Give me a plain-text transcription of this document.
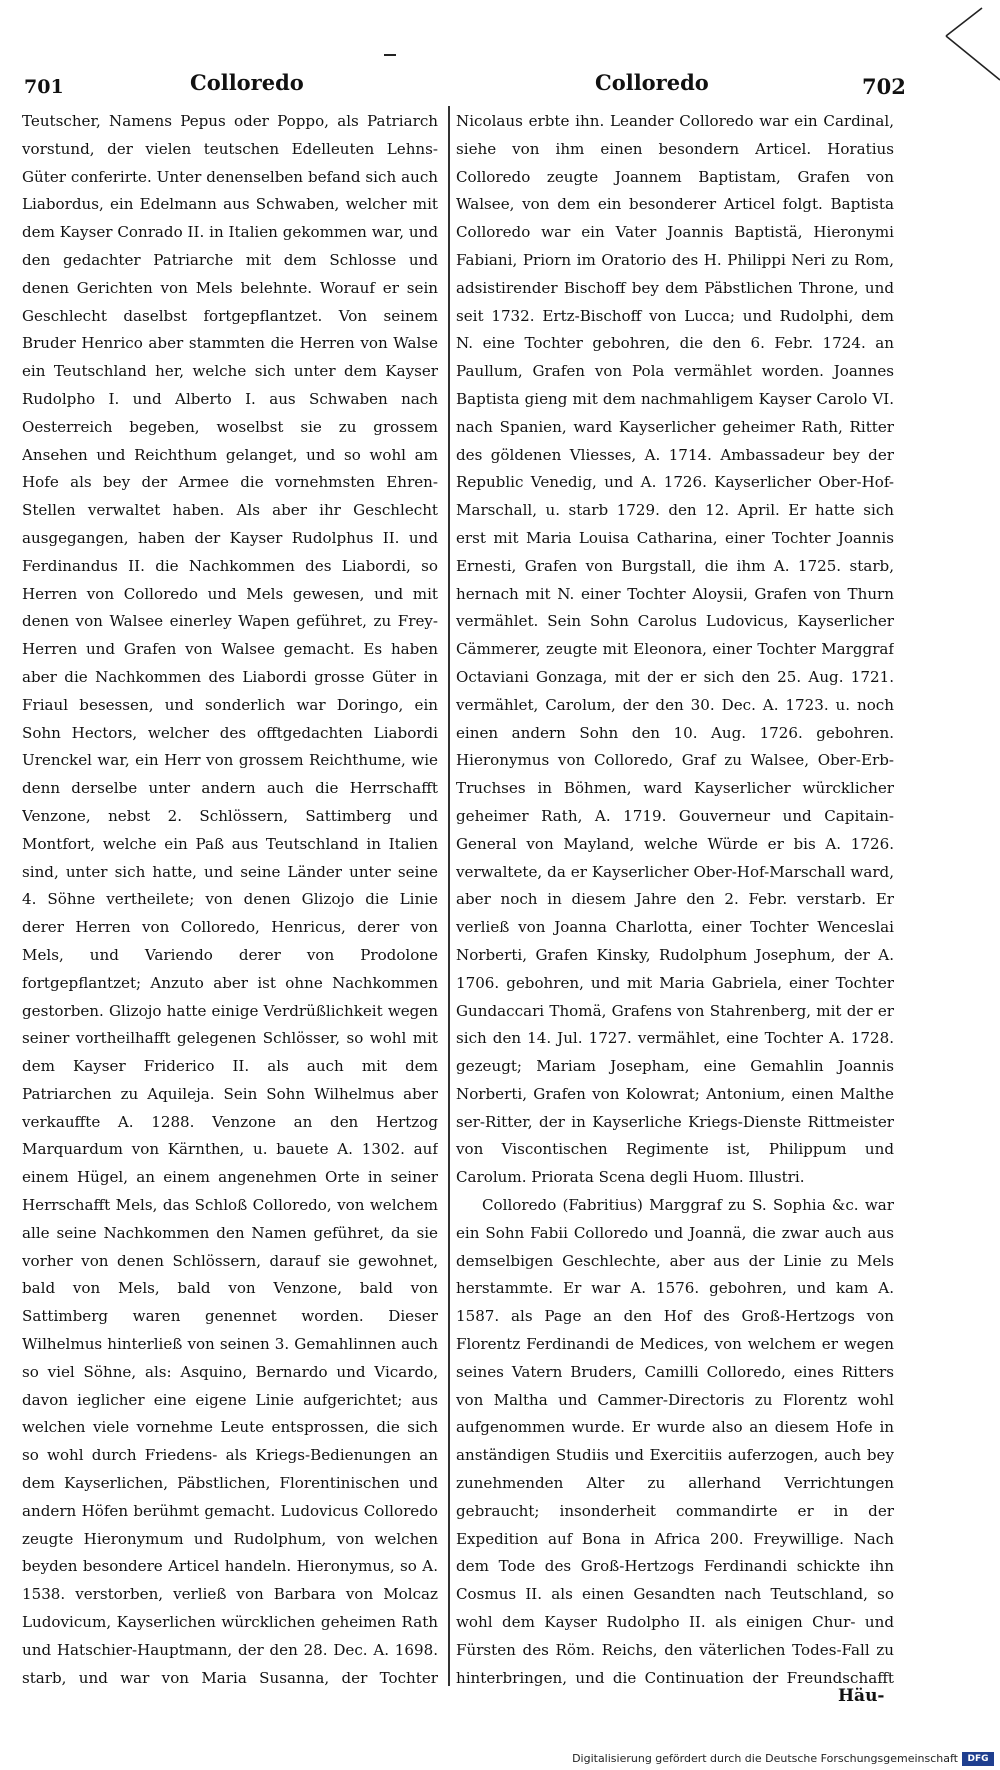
701	Colloredo	Colloredo	702

Teutscher, Namens Pepus oder Poppo, als Patriarch vorstund, der vielen teutschen Edelleuten Lehns-Güter conferirte. Unter denenselben befand sich auch Liabordus, ein Edelmann aus Schwaben, welcher mit dem Kayser Conrado II. in Italien gekommen war, und den gedachter Patriarche mit dem Schlosse und denen Gerichten von Mels belehnte. Worauf er sein Geschlecht daselbst fortgepflantzet. Von seinem Bruder Henrico aber stammten die Herren von Walse ein Teutschland her, welche sich unter dem Kayser Rudolpho I. und Alberto I. aus Schwaben nach Oesterreich begeben, woselbst sie zu grossem Ansehen und Reichthum gelanget, und so wohl am Hofe als bey der Armee die vornehmsten Ehren-Stellen verwaltet haben. Als aber ihr Geschlecht ausgegangen, haben der Kayser Rudolphus II. und Ferdinandus II. die Nachkommen des Liabordi, so Herren von Colloredo und Mels gewesen, und mit denen von Walsee einerley Wapen geführet, zu Frey-Herren und Grafen von Walsee gemacht. Es haben aber die Nachkommen des Liabordi grosse Güter in Friaul besessen, und sonderlich war Doringo, ein Sohn Hectors, welcher des offtgedachten Liabordi Urenckel war, ein Herr von grossem Reichthume, wie denn derselbe unter andern auch die Herrschafft Venzone, nebst 2. Schlössern, Sattimberg und Montfort, welche ein Paß aus Teutschland in Italien sind, unter sich hatte, und seine Länder unter seine 4. Söhne vertheilete; von denen Glizojo die Linie derer Herren von Colloredo, Henricus, derer von Mels, und Variendo derer von Prodolone fortgepflantzet; Anzuto aber ist ohne Nachkommen gestorben. Glizojo hatte einige Verdrüßlichkeit wegen seiner vortheilhafft gelegenen Schlösser, so wohl mit dem Kayser Friderico II. als auch mit dem Patriarchen zu Aquileja. Sein Sohn Wilhelmus aber verkauffte A. 1288. Venzone an den Hertzog Marquardum von Kärnthen, u. bauete A. 1302. auf einem Hügel, an einem angenehmen Orte in seiner Herrschafft Mels, das Schloß Colloredo, von welchem alle seine Nachkommen den Namen geführet, da sie vorher von denen Schlössern, darauf sie gewohnet, bald von Mels, bald von Venzone, bald von Sattimberg waren genennet worden. Dieser Wilhelmus hinterließ von seinen 3. Gemahlinnen auch so viel Söhne, als: Asquino, Bernardo und Vicardo, davon ieglicher eine eigene Linie aufgerichtet; aus welchen viele vornehme Leute entsprossen, die sich so wohl durch Friedens- als Kriegs-Bedienungen an dem Kayserlichen, Päbstlichen, Florentinischen und andern Höfen berühmt gemacht. Ludovicus Colloredo zeugte Hieronymum und Rudolphum, von welchen beyden besondere Articel handeln. Hieronymus, so A. 1538. verstorben, verließ von Barbara von Molcaz Ludovicum, Kayserlichen würcklichen geheimen Rath und Hatschier-Hauptmann, der den 28. Dec. A. 1698. starb, und war von Maria Susanna, der Tochter

Nicolaus erbte ihn. Leander Colloredo war ein Cardinal, siehe von ihm einen besondern Articel. Horatius Colloredo zeugte Joannem Baptistam, Grafen von Walsee, von dem ein besonderer Articel folgt. Baptista Colloredo war ein Vater Joannis Baptistä, Hieronymi Fabiani, Priorn im Oratorio des H. Philippi Neri zu Rom, adsistirender Bischoff bey dem Päbstlichen Throne, und seit 1732. Ertz-Bischoff von Lucca; und Rudolphi, dem N. eine Tochter gebohren, die den 6. Febr. 1724. an Paullum, Grafen von Pola vermählet worden. Joannes Baptista gieng mit dem nachmahligem Kayser Carolo VI. nach Spanien, ward Kayserlicher geheimer Rath, Ritter des göldenen Vliesses, A. 1714. Ambassadeur bey der Republic Venedig, und A. 1726. Kayserlicher Ober-Hof-Marschall, u. starb 1729. den 12. April. Er hatte sich erst mit Maria Louisa Catharina, einer Tochter Joannis Ernesti, Grafen von Burgstall, die ihm A. 1725. starb, hernach mit N. einer Tochter Aloysii, Grafen von Thurn vermählet. Sein Sohn Carolus Ludovicus, Kayserlicher Cämmerer, zeugte mit Eleonora, einer Tochter Marggraf Octaviani Gonzaga, mit der er sich den 25. Aug. 1721. vermählet, Carolum, der den 30. Dec. A. 1723. u. noch einen andern Sohn den 10. Aug. 1726. gebohren. Hieronymus von Colloredo, Graf zu Walsee, Ober-Erb-Truchses in Böhmen, ward Kayserlicher würcklicher geheimer Rath, A. 1719. Gouverneur und Capitain-General von Mayland, welche Würde er bis A. 1726. verwaltete, da er Kayserlicher Ober-Hof-Marschall ward, aber noch in diesem Jahre den 2. Febr. verstarb. Er verließ von Joanna Charlotta, einer Tochter Wenceslai Norberti, Grafen Kinsky, Rudolphum Josephum, der A. 1706. gebohren, und mit Maria Gabriela, einer Tochter Gundaccari Thomä, Grafens von Stahrenberg, mit der er sich den 14. Jul. 1727. vermählet, eine Tochter A. 1728. gezeugt; Mariam Josepham, eine Gemahlin Joannis Norberti, Grafen von Kolowrat; Antonium, einen Malthe ser-Ritter, der in Kayserliche Kriegs-Dienste Rittmeister von Viscontischen Regimente ist, Philippum und Carolum. Priorata Scena degli Huom. Illustri.

Colloredo (Fabritius) Marggraf zu S. Sophia &c. war ein Sohn Fabii Colloredo und Joannä, die zwar auch aus demselbigen Geschlechte, aber aus der Linie zu Mels herstammte. Er war A. 1576. gebohren, und kam A. 1587. als Page an den Hof des Groß-Hertzogs von Florentz Ferdinandi de Medices, von welchem er wegen seines Vatern Bruders, Camilli Colloredo, eines Ritters von Maltha und Cammer-Directoris zu Florentz wohl aufgenommen wurde. Er wurde also an diesem Hofe in anständigen Studiis und Exercitiis auferzogen, auch bey zunehmenden Alter zu allerhand Verrichtungen gebraucht; insonderheit commandirte er in der Expedition auf Bona in Africa 200. Freywillige. Nach dem Tode des Groß-Hertzogs Ferdinandi schickte ihn Cosmus II. als einen Gesandten nach Teutschland, so wohl dem Kayser Rudolpho II. als einigen Chur- und Fürsten des Röm. Reichs, den väterlichen Todes-Fall zu hinterbringen, und die Continuation der Freundschafft

Häu-
Digitalisierung gefördert durch die Deutsche Forschungsgemeinschaft	DFG
